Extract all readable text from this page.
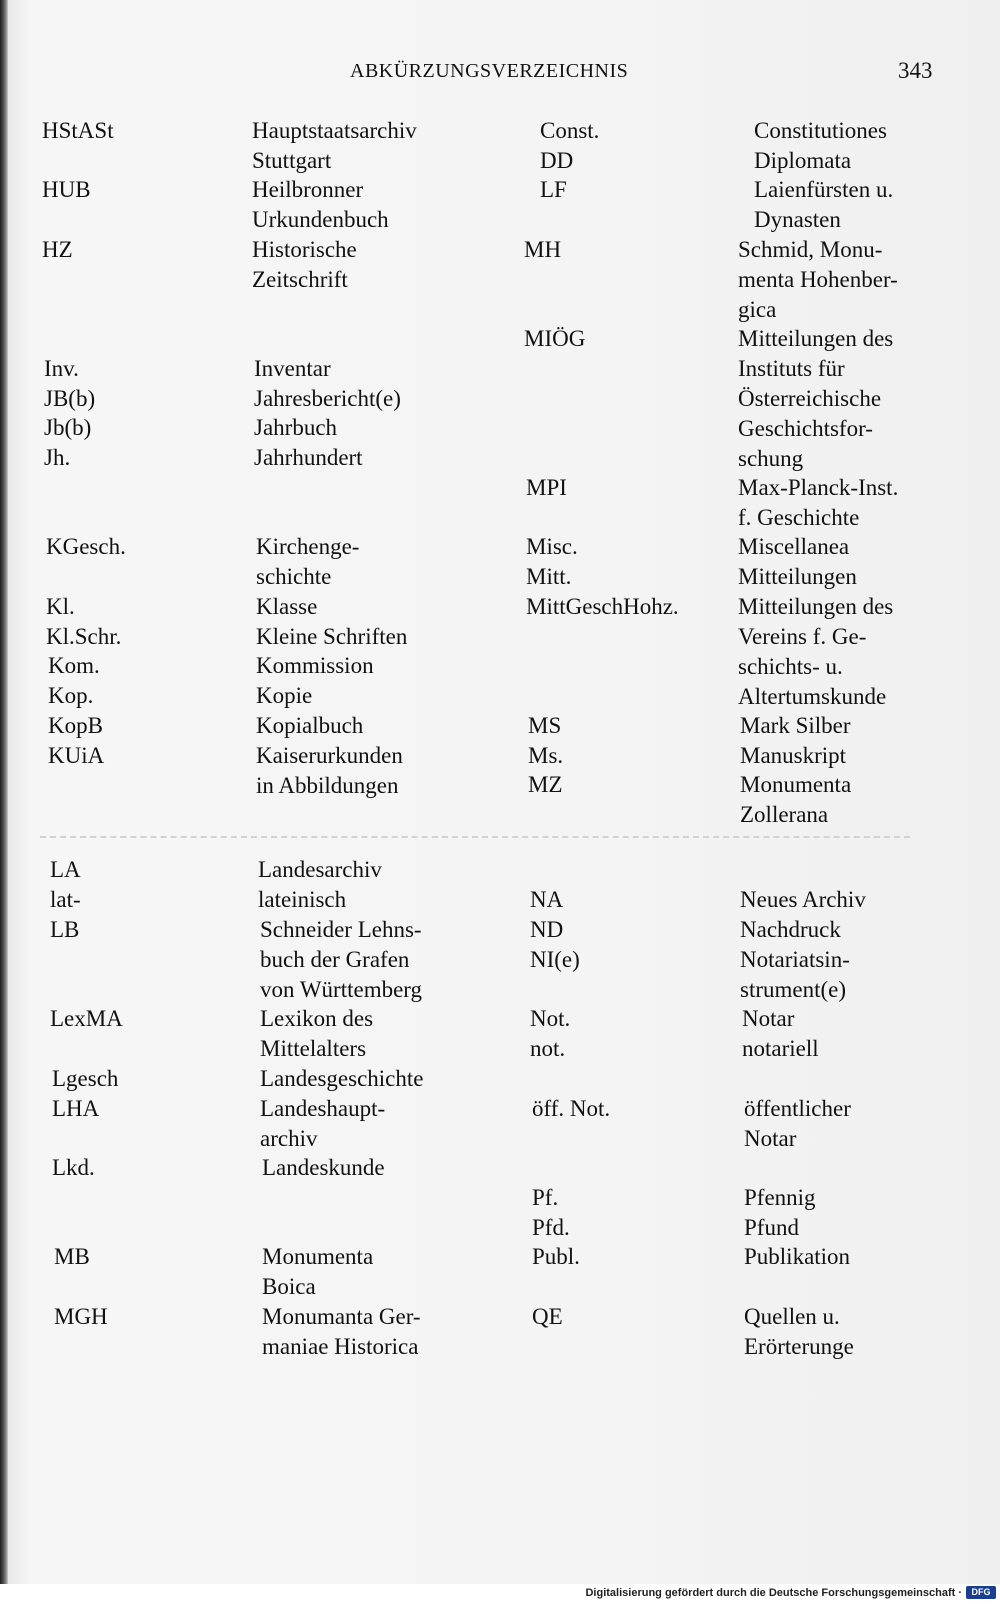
ABKÜRZUNGSVERZEICHNIS	343
HStASt	Hauptstaatsarchiv
Stuttgart
HUB	Heilbronner
Urkundenbuch
HZ	Historische
Zeitschrift
Inv.	Inventar
JB(b)	Jahresbericht(e)
Jb(b)	Jahrbuch
Jh.	Jahrhundert
KGesch.	Kirchenge-
schichte
Kl.	Klasse
Kl.Schr.	Kleine Schriften
Kom.	Kommission
Kop.	Kopie
KopB	Kopialbuch
KUiA	Kaiserurkunden
in Abbildungen
LA	Landesarchiv
lat-	lateinisch
LB	Schneider Lehns-
buch der Grafen
von Württemberg
LexMA	Lexikon des
Mittelalters
Lgesch	Landesgeschichte
LHA	Landeshaupt-
archiv
Lkd.	Landeskunde
MB	Monumenta
Boica
MGH	Monumanta Ger-
maniae Historica
Const.	Constitutiones
DD	Diplomata
LF	Laienfürsten u.
Dynasten
MH	Schmid, Monu-
menta Hohenber-
gica
MIÖG	Mitteilungen des
Instituts für
Österreichische
Geschichtsfor-
schung
MPI	Max-Planck-Inst.
f. Geschichte
Misc.	Miscellanea
Mitt.	Mitteilungen
MittGeschHohz.	Mitteilungen des
Vereins f. Ge-
schichts- u.
Altertumskunde
MS	Mark Silber
Ms.	Manuskript
MZ	Monumenta
Zollerana
NA	Neues Archiv
ND	Nachdruck
NI(e)	Notariatsin-
strument(e)
Not.	Notar
not.	notariell
öff. Not.	öffentlicher
Notar
Pf.	Pfennig
Pfd.	Pfund
Publ.	Publikation
QE	Quellen u.
Erörterunge
Digitalisierung gefördert durch die Deutsche Forschungsgemeinschaft ·	DFG
